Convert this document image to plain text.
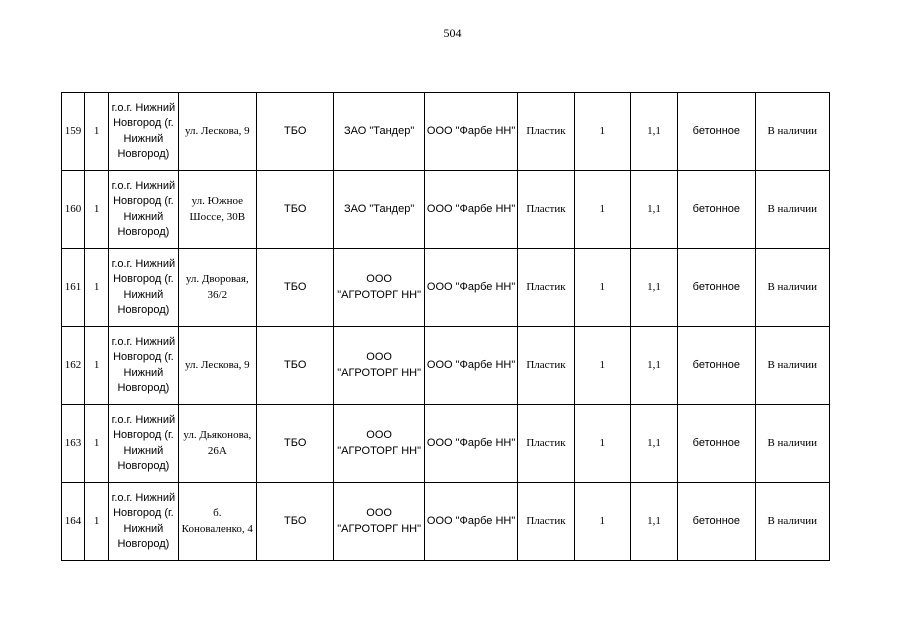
504
159	1	г.о.г. Нижний Новгород (г. Нижний Новгород)	ул. Лескова, 9	ТБО	ЗАО "Тандер"	ООО "Фарбе НН"	Пластик	1	1,1	бетонное	В наличии
160	1	г.о.г. Нижний Новгород (г. Нижний Новгород)	ул. Южное Шоссе, 30В	ТБО	ЗАО "Тандер"	ООО "Фарбе НН"	Пластик	1	1,1	бетонное	В наличии
161	1	г.о.г. Нижний Новгород (г. Нижний Новгород)	ул. Дворовая, 36/2	ТБО	ООО "АГРОТОРГ НН"	ООО "Фарбе НН"	Пластик	1	1,1	бетонное	В наличии
162	1	г.о.г. Нижний Новгород (г. Нижний Новгород)	ул. Лескова, 9	ТБО	ООО "АГРОТОРГ НН"	ООО "Фарбе НН"	Пластик	1	1,1	бетонное	В наличии
163	1	г.о.г. Нижний Новгород (г. Нижний Новгород)	ул. Дьяконова, 26А	ТБО	ООО "АГРОТОРГ НН"	ООО "Фарбе НН"	Пластик	1	1,1	бетонное	В наличии
164	1	г.о.г. Нижний Новгород (г. Нижний Новгород)	б. Коноваленко, 4	ТБО	ООО "АГРОТОРГ НН"	ООО "Фарбе НН"	Пластик	1	1,1	бетонное	В наличии
